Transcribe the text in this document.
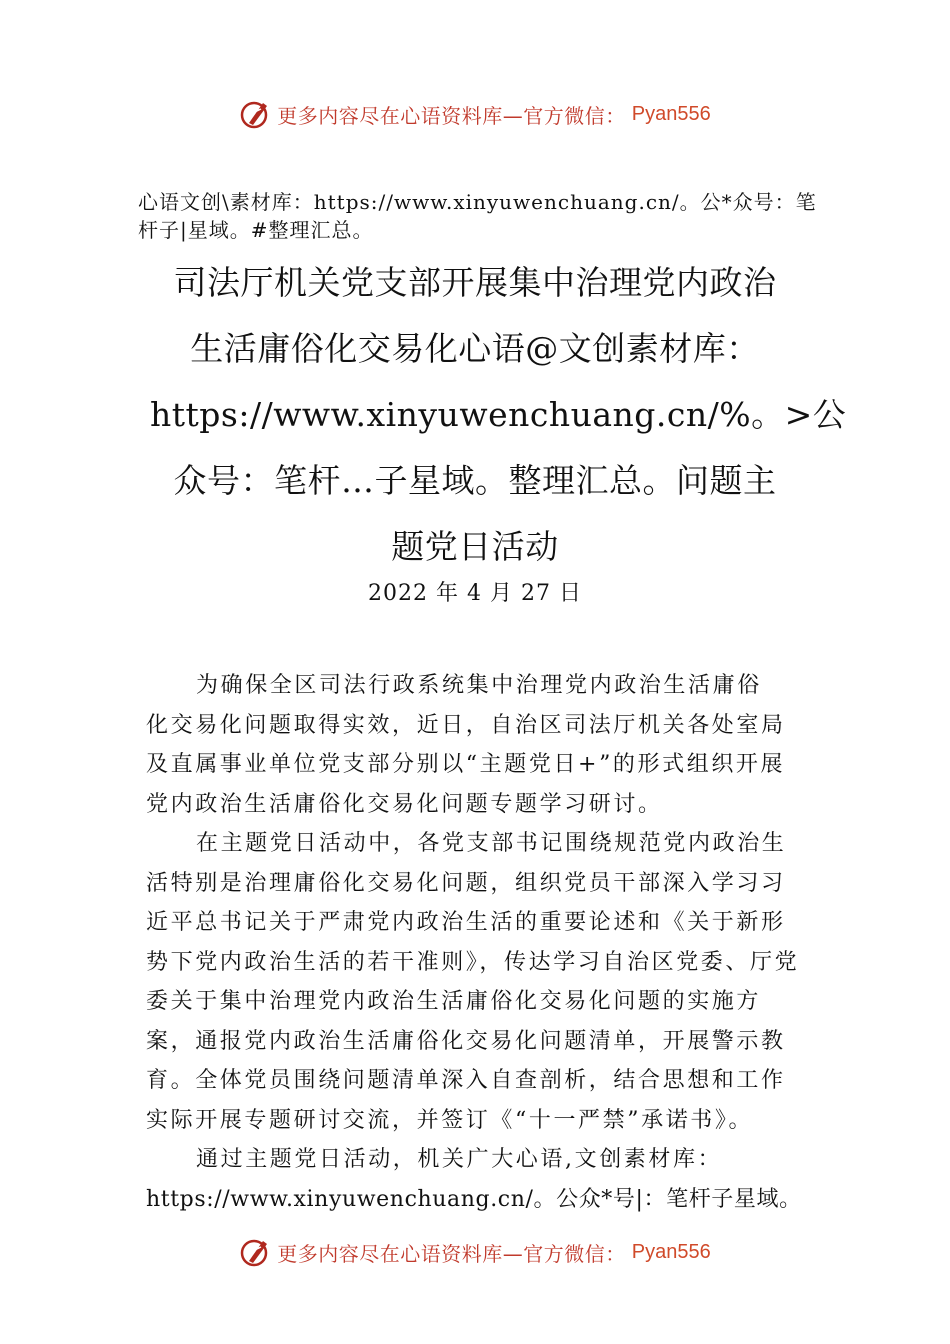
更多内容尽在心语资料库—官方微信： Pyan556
心语文创\素材库：https://www.xinyuwenchuang.cn/。公*众号：笔杆子|星域。#整理汇总。
司法厅机关党支部开展集中治理党内政治
生活庸俗化交易化心语@文创素材库：
https://www.xinyuwenchuang.cn/%。>公
众号：笔杆…子星域。整理汇总。问题主
题党日活动
2022 年 4 月 27 日
为确保全区司法行政系统集中治理党内政治生活庸俗
化交易化问题取得实效，近日，自治区司法厅机关各处室局
及直属事业单位党支部分别以“主题党日+”的形式组织开展
党内政治生活庸俗化交易化问题专题学习研讨。
在主题党日活动中，各党支部书记围绕规范党内政治生
活特别是治理庸俗化交易化问题，组织党员干部深入学习习
近平总书记关于严肃党内政治生活的重要论述和《关于新形
势下党内政治生活的若干准则》，传达学习自治区党委、厅党
委关于集中治理党内政治生活庸俗化交易化问题的实施方
案，通报党内政治生活庸俗化交易化问题清单，开展警示教
育。全体党员围绕问题清单深入自查剖析，结合思想和工作
实际开展专题研讨交流，并签订《“十一严禁”承诺书》。
通过主题党日活动，机关广大心语,文创素材库：
https://www.xinyuwenchuang.cn/。公众*号|：笔杆子星域。
更多内容尽在心语资料库—官方微信： Pyan556
